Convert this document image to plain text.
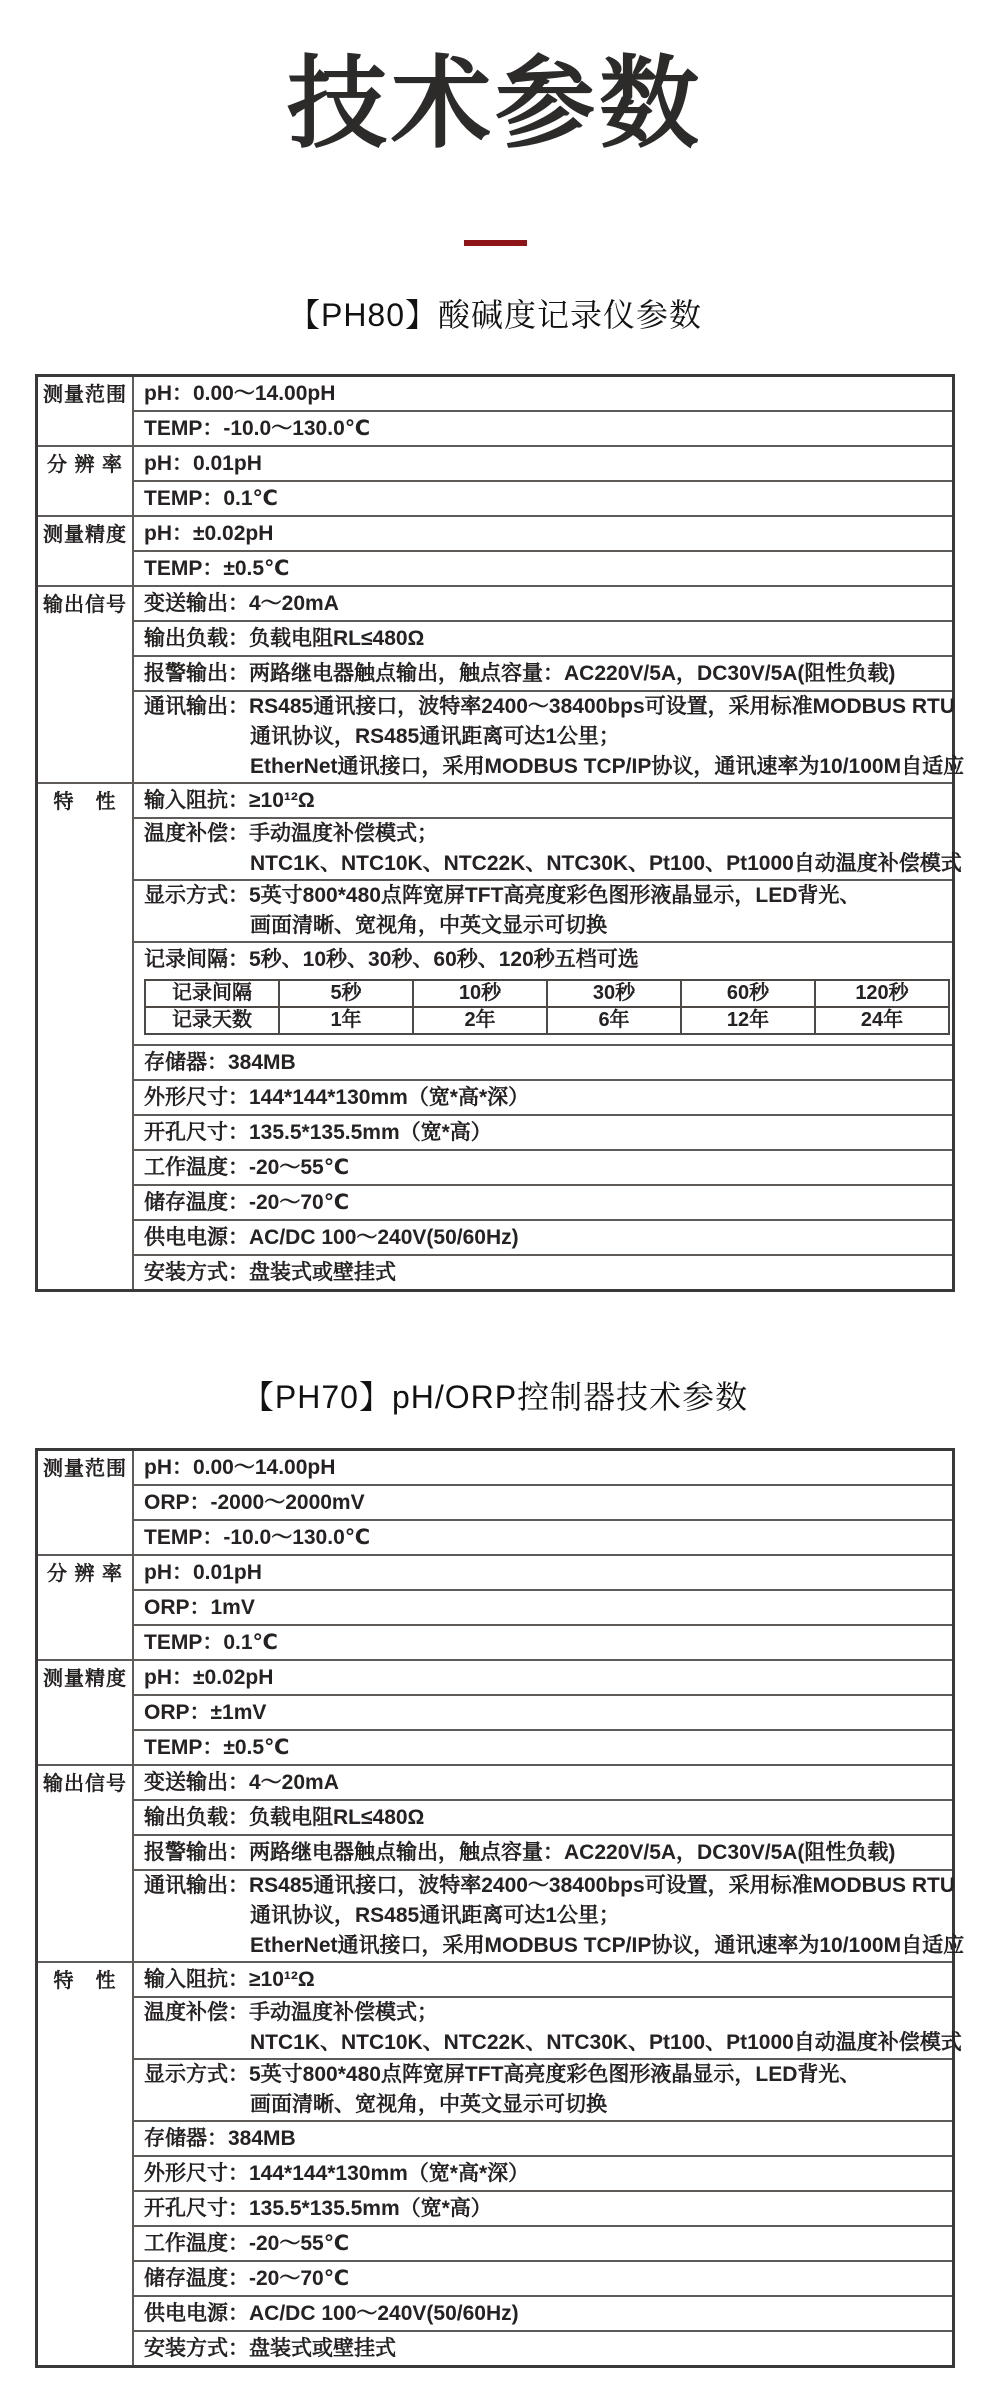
技术参数
【PH80】酸碱度记录仪参数
测量范围	pH：0.00～14.00pH

TEMP：-10.0～130.0℃

分 辨 率	pH：0.01pH

TEMP：0.1℃

测量精度	pH：±0.02pH

TEMP：±0.5℃

输出信号	变送输出：4～20mA

输出负载：负载电阻RL≤480Ω

报警输出：两路继电器触点输出，触点容量：AC220V/5A，DC30V/5A(阻性负载)

通讯输出：RS485通讯接口，波特率2400～38400bps可设置，采用标准MODBUS RTU
通讯协议，RS485通讯距离可达1公里；
EtherNet通讯接口，采用MODBUS TCP/IP协议，通讯速率为10/100M自适应

特　性	输入阻抗：≥10¹²Ω

温度补偿：手动温度补偿模式；
NTC1K、NTC10K、NTC22K、NTC30K、Pt100、Pt1000自动温度补偿模式

显示方式：5英寸800*480点阵宽屏TFT高亮度彩色图形液晶显示，LED背光、
画面清晰、宽视角，中英文显示可切换

记录间隔：5秒、10秒、30秒、60秒、120秒五档可选
记录间隔	5秒	10秒	30秒	60秒	120秒
记录天数	1年	2年	6年	12年	24年

存储器：384MB

外形尺寸：144*144*130mm（宽*高*深）

开孔尺寸：135.5*135.5mm（宽*高）

工作温度：-20～55℃

储存温度：-20～70℃

供电电源：AC/DC 100～240V(50/60Hz)

安装方式：盘装式或壁挂式
【PH70】pH/ORP控制器技术参数
测量范围	pH：0.00～14.00pH

	ORP：-2000～2000mV

	TEMP：-10.0～130.0℃

分 辨 率	pH：0.01pH

	ORP：1mV

	TEMP：0.1℃

测量精度	pH：±0.02pH

	ORP：±1mV

	TEMP：±0.5℃

输出信号	变送输出：4～20mA

	输出负载：负载电阻RL≤480Ω

	报警输出：两路继电器触点输出，触点容量：AC220V/5A，DC30V/5A(阻性负载)

	通讯输出：RS485通讯接口，波特率2400～38400bps可设置，采用标准MODBUS RTU
通讯协议，RS485通讯距离可达1公里；
EtherNet通讯接口，采用MODBUS TCP/IP协议，通讯速率为10/100M自适应

特　性	输入阻抗：≥10¹²Ω

	温度补偿：手动温度补偿模式；
NTC1K、NTC10K、NTC22K、NTC30K、Pt100、Pt1000自动温度补偿模式

	显示方式：5英寸800*480点阵宽屏TFT高亮度彩色图形液晶显示，LED背光、
画面清晰、宽视角，中英文显示可切换

	存储器：384MB

	外形尺寸：144*144*130mm（宽*高*深）

	开孔尺寸：135.5*135.5mm（宽*高）

	工作温度：-20～55℃

	储存温度：-20～70℃

	供电电源：AC/DC 100～240V(50/60Hz)

	安装方式：盘装式或壁挂式
